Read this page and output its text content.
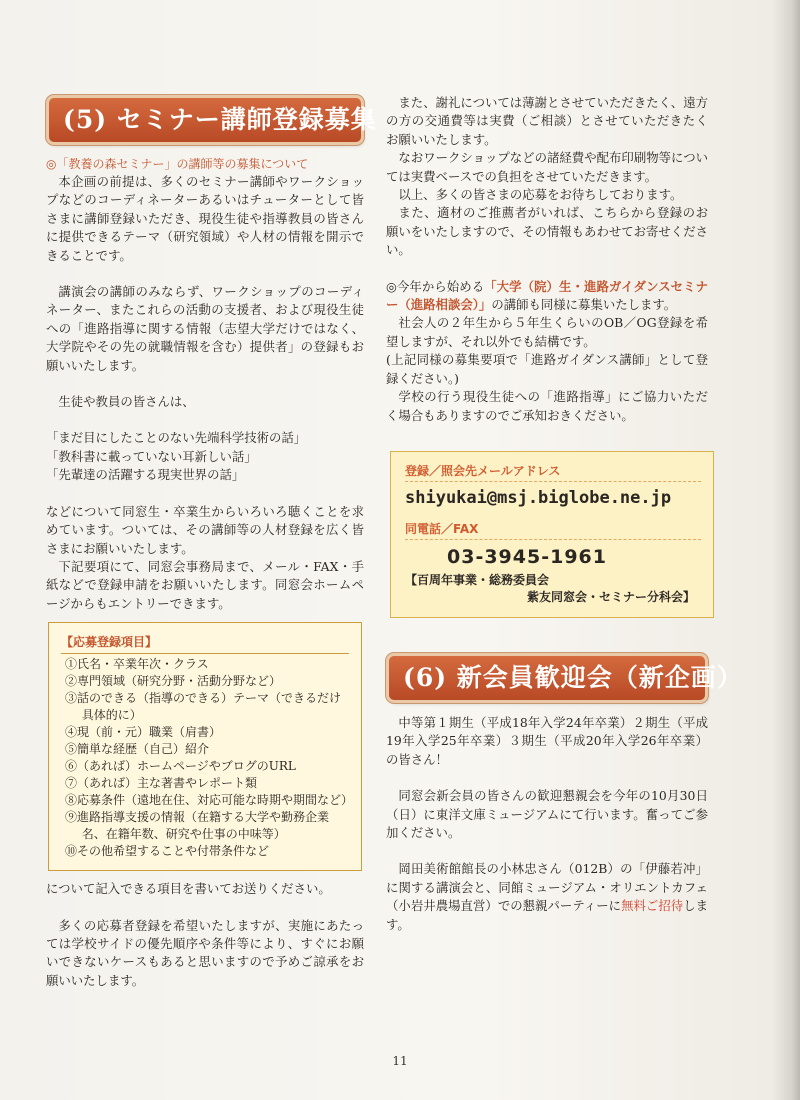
(5) セミナー講師登録募集

◎「教養の森セミナー」の講師等の募集について

本企画の前提は、多くのセミナー講師やワークショップなどのコーディネーターあるいはチューターとして皆さまに講師登録いただき、現役生徒や指導教員の皆さんに提供できるテーマ（研究領域）や人材の情報を開示できることです。

講演会の講師のみならず、ワークショップのコーディネーター、またこれらの活動の支援者、および現役生徒への「進路指導に関する情報（志望大学だけではなく、大学院やその先の就職情報を含む）提供者」の登録もお願いいたします。

生徒や教員の皆さんは、

「まだ目にしたことのない先端科学技術の話」

「教科書に載っていない耳新しい話」

「先輩達の活躍する現実世界の話」

などについて同窓生・卒業生からいろいろ聴くことを求めています。ついては、その講師等の人材登録を広く皆さまにお願いいたします。

下記要項にて、同窓会事務局まで、メール・FAX・手紙などで登録申請をお願いいたします。同窓会ホームページからもエントリーできます。

【応募登録項目】

①氏名・卒業年次・クラス

②専門領域（研究分野・活動分野など）

③話のできる（指導のできる）テーマ（できるだけ具体的に）

④現（前・元）職業（肩書）

⑤簡単な経歴（自己）紹介

⑥（あれば）ホームページやブログのURL

⑦（あれば）主な著書やレポート類

⑧応募条件（遠地在住、対応可能な時期や期間など）

⑨進路指導支援の情報（在籍する大学や勤務企業名、在籍年数、研究や仕事の中味等）

⑩その他希望することや付帯条件など

について記入できる項目を書いてお送りください。

多くの応募者登録を希望いたしますが、実施にあたっては学校サイドの優先順序や条件等により、すぐにお願いできないケースもあると思いますので予めご諒承をお願いいたします。

また、謝礼については薄謝とさせていただきたく、遠方の方の交通費等は実費（ご相談）とさせていただきたくお願いいたします。

なおワークショップなどの諸経費や配布印刷物等については実費ベースでの負担をさせていただきます。

以上、多くの皆さまの応募をお待ちしております。

また、適材のご推薦者がいれば、こちらから登録のお願いをいたしますので、その情報もあわせてお寄せください。

◎今年から始める「大学（院）生・進路ガイダンスセミナー（進路相談会）」の講師も同様に募集いたします。

社会人の２年生から５年生くらいのOB／OG登録を希望しますが、それ以外でも結構です。

(上記同様の募集要項で「進路ガイダンス講師」として登録ください。)

学校の行う現役生徒への「進路指導」にご協力いただく場合もありますのでご承知おきください。

登録／照会先メールアドレス

shiyukai@msj.biglobe.ne.jp

同電話／FAX

03-3945-1961

【百周年事業・総務委員会

紫友同窓会・セミナー分科会】

(6) 新会員歓迎会（新企画）

中等第１期生（平成18年入学24年卒業）２期生（平成19年入学25年卒業）３期生（平成20年入学26年卒業）の皆さん！

同窓会新会員の皆さんの歓迎懇親会を今年の10月30日（日）に東洋文庫ミュージアムにて行います。奮ってご参加ください。

岡田美術館館長の小林忠さん（012B）の「伊藤若冲」に関する講演会と、同館ミュージアム・オリエントカフェ（小岩井農場直営）での懇親パーティーに無料ご招待します。

11
